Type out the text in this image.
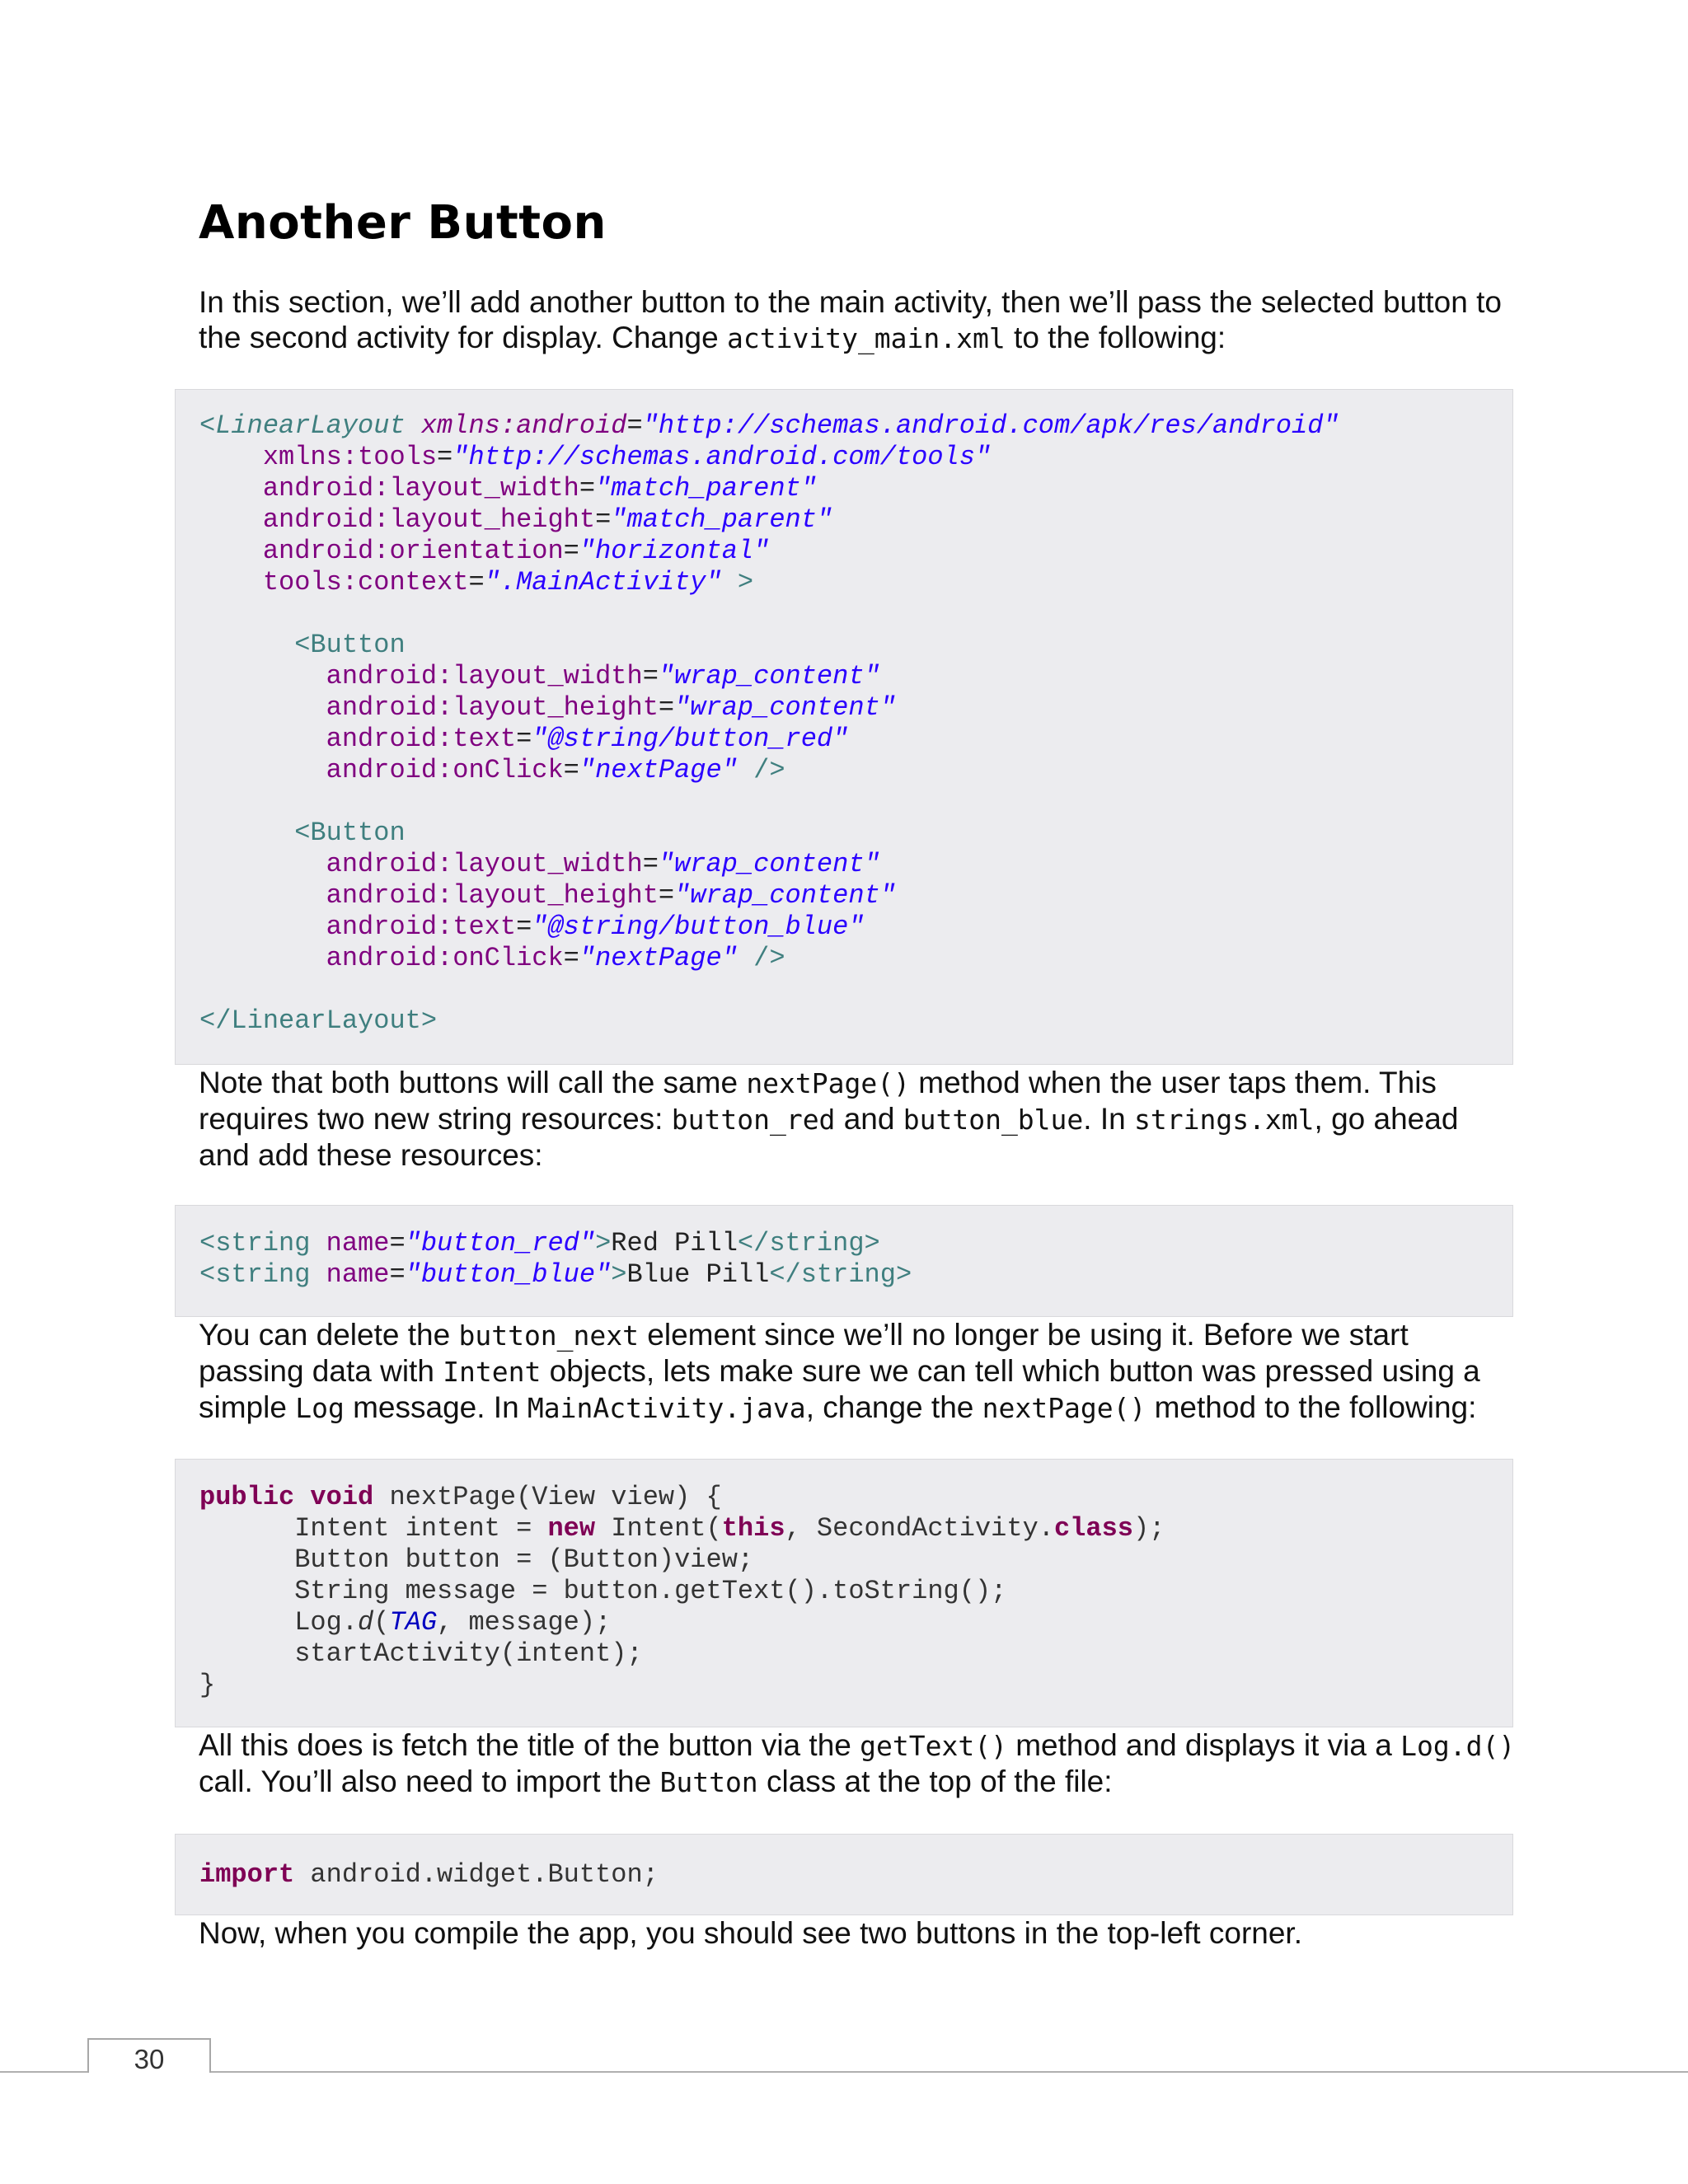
Another Button

In this section, we’ll add another button to the main activity, then we’ll pass the selected button to the second activity for display. Change activity_main.xml to the following:

<LinearLayout xmlns:android="http://schemas.android.com/apk/res/android"
xmlns:tools="http://schemas.android.com/tools"
android:layout_width="match_parent"
android:layout_height="match_parent"
android:orientation="horizontal"
tools:context=".MainActivity" >

<Button
android:layout_width="wrap_content"
android:layout_height="wrap_content"
android:text="@string/button_red"
android:onClick="nextPage" />

<Button
android:layout_width="wrap_content"
android:layout_height="wrap_content"
android:text="@string/button_blue"
android:onClick="nextPage" />

</LinearLayout>

Note that both buttons will call the same nextPage() method when the user taps them. This requires two new string resources: button_red and button_blue. In strings.xml, go ahead and add these resources:

<string name="button_red">Red Pill</string>
<string name="button_blue">Blue Pill</string>

You can delete the button_next element since we’ll no longer be using it. Before we start passing data with Intent objects, lets make sure we can tell which button was pressed using a simple Log message. In MainActivity.java, change the nextPage() method to the following:

public void nextPage(View view) {
Intent intent = new Intent(this, SecondActivity.class);
Button button = (Button)view;
String message = button.getText().toString();
Log.d(TAG, message);
startActivity(intent);
}

All this does is fetch the title of the button via the getText() method and displays it via a Log.d() call. You’ll also need to import the Button class at the top of the file:

import android.widget.Button;

Now, when you compile the app, you should see two buttons in the top-left corner.

30
